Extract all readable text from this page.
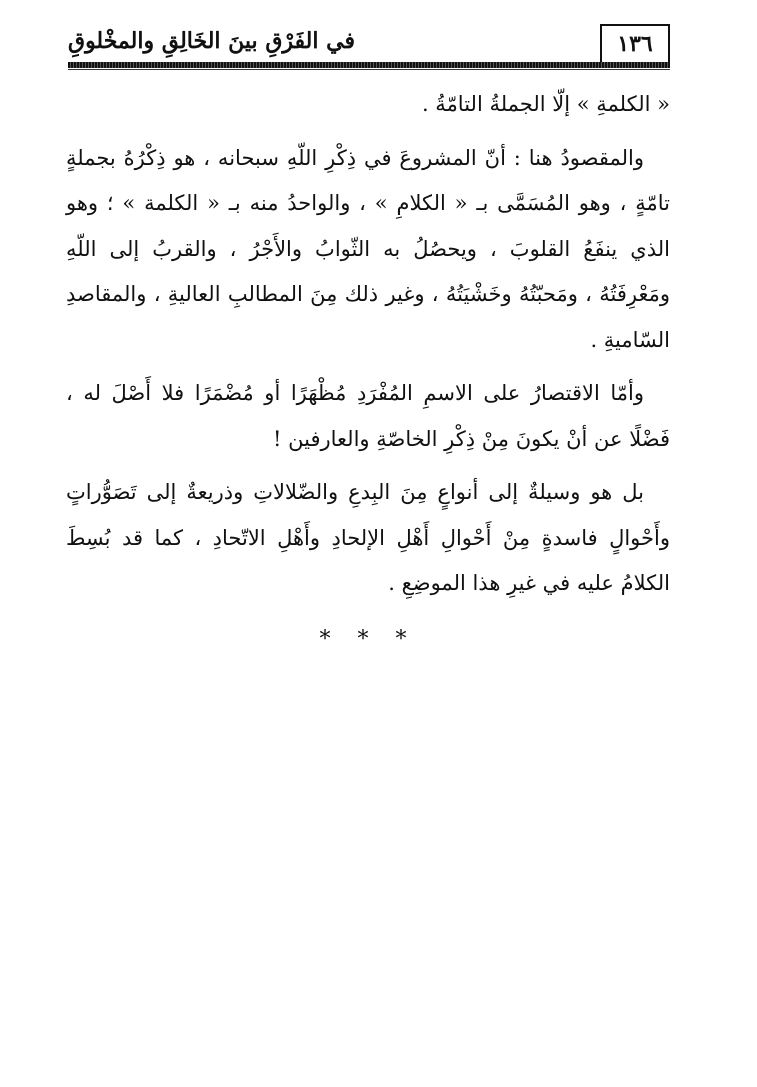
١٣٦
في الفَرْقِ بينَ الخَالِقِ والمخْلوقِ

« الكلمةِ » إلّا الجملةُ التامّةُ .

والمقصودُ هنا : أنّ المشروعَ في ذِكْرِ اللّهِ سبحانه ، هو ذِكْرُهُ بجملةٍ تامّةٍ ، وهو المُسَمَّى بـ « الكلامِ » ، والواحدُ منه بـ « الكلمة » ؛ وهو الذي ينفَعُ القلوبَ ، ويحصُلُ به الثّوابُ والأَجْرُ ، والقربُ إلى اللّهِ ومَعْرِفَتُهُ ، ومَحبّتُهُ وخَشْيَتُهُ ، وغير ذلك مِنَ المطالبِ العاليةِ ، والمقاصدِ السّاميةِ .

وأمّا الاقتصارُ على الاسمِ المُفْرَدِ مُظْهَرًا أو مُضْمَرًا فلا أَصْلَ له ، فَضْلًا عن أنْ يكونَ مِنْ ذِكْرِ الخاصّةِ والعارفين !

بل هو وسيلةٌ إلى أنواعٍ مِنَ البِدعِ والضّلالاتِ وذريعةٌ إلى تَصَوُّراتٍ وأَحْوالٍ فاسدةٍ مِنْ أَحْوالِ أَهْلِ الإلحادِ وأَهْلِ الاتّحادِ ، كما قد بُسِطَ الكلامُ عليه في غيرِ هذا الموضِعِ .

* * *
